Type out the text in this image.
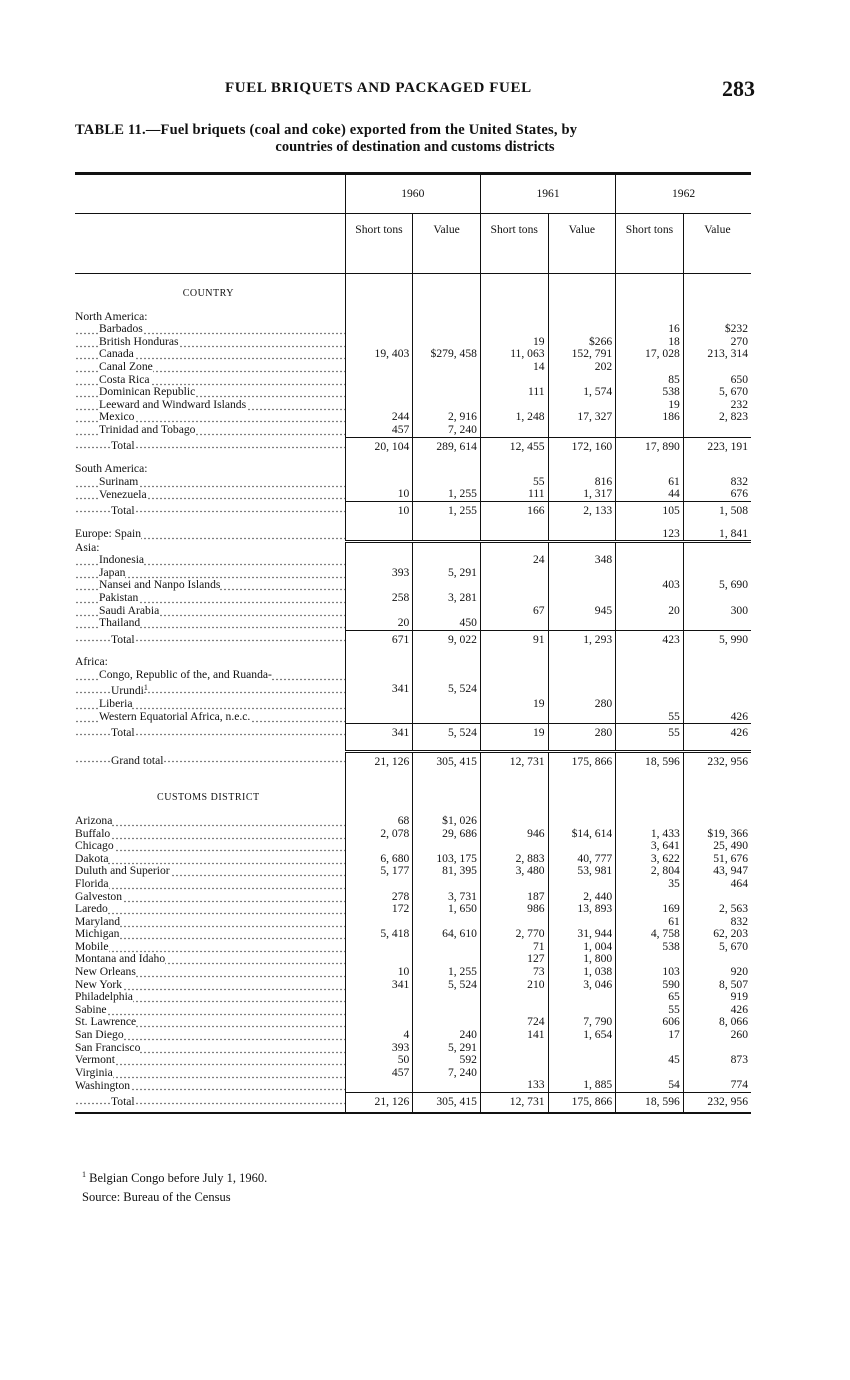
FUEL BRIQUETS AND PACKAGED FUEL	283
TABLE 11.—Fuel briquets (coal and coke) exported from the United States, by
countries of destination and customs districts
	1960		1961		1962	
	Short tons	Value	Short tons	Value	Short tons	Value
COUNTRY						
North America:						
Barbados					16	$232
British Honduras			19	$266	18	270
Canada	19, 403	$279, 458	11, 063	152, 791	17, 028	213, 314
Canal Zone			14	202		
Costa Rica					85	650
Dominican Republic			111	1, 574	538	5, 670
Leeward and Windward Islands					19	232
Mexico	244	2, 916	1, 248	17, 327	186	2, 823
Trinidad and Tobago	457	7, 240				
Total	20, 104	289, 614	12, 455	172, 160	17, 890	223, 191

South America:						
Surinam			55	816	61	832
Venezuela	10	1, 255	111	1, 317	44	676
Total	10	1, 255	166	2, 133	105	1, 508

Europe: Spain					123	1, 841
Asia:						
Indonesia			24	348		
Japan	393	5, 291				
Nansei and Nanpo Islands					403	5, 690
Pakistan	258	3, 281				
Saudi Arabia			67	945	20	300
Thailand	20	450				
Total	671	9, 022	91	1, 293	423	5, 990

Africa:						
Congo, Republic of the, and Ruanda-						
Urundi$^1$	341	5, 524				
Liberia			19	280		
Western Equatorial Africa, n.e.c.					55	426
Total	341	5, 524	19	280	55	426

Grand total	21, 126	305, 415	12, 731	175, 866	18, 596	232, 956

CUSTOMS DISTRICT						
Arizona	68	$1, 026				
Buffalo	2, 078	29, 686	946	$14, 614	1, 433	$19, 366
Chicago					3, 641	25, 490
Dakota	6, 680	103, 175	2, 883	40, 777	3, 622	51, 676
Duluth and Superior	5, 177	81, 395	3, 480	53, 981	2, 804	43, 947
Florida					35	464
Galveston	278	3, 731	187	2, 440		
Laredo	172	1, 650	986	13, 893	169	2, 563
Maryland					61	832
Michigan	5, 418	64, 610	2, 770	31, 944	4, 758	62, 203
Mobile			71	1, 004	538	5, 670
Montana and Idaho			127	1, 800		
New Orleans	10	1, 255	73	1, 038	103	920
New York	341	5, 524	210	3, 046	590	8, 507
Philadelphia					65	919
Sabine					55	426
St. Lawrence			724	7, 790	606	8, 066
San Diego	4	240	141	1, 654	17	260
San Francisco	393	5, 291				
Vermont	50	592			45	873
Virginia	457	7, 240				
Washington			133	1, 885	54	774
Total	21, 126	305, 415	12, 731	175, 866	18, 596	232, 956
$^1$ Belgian Congo before July 1, 1960.
Source: Bureau of the Census
